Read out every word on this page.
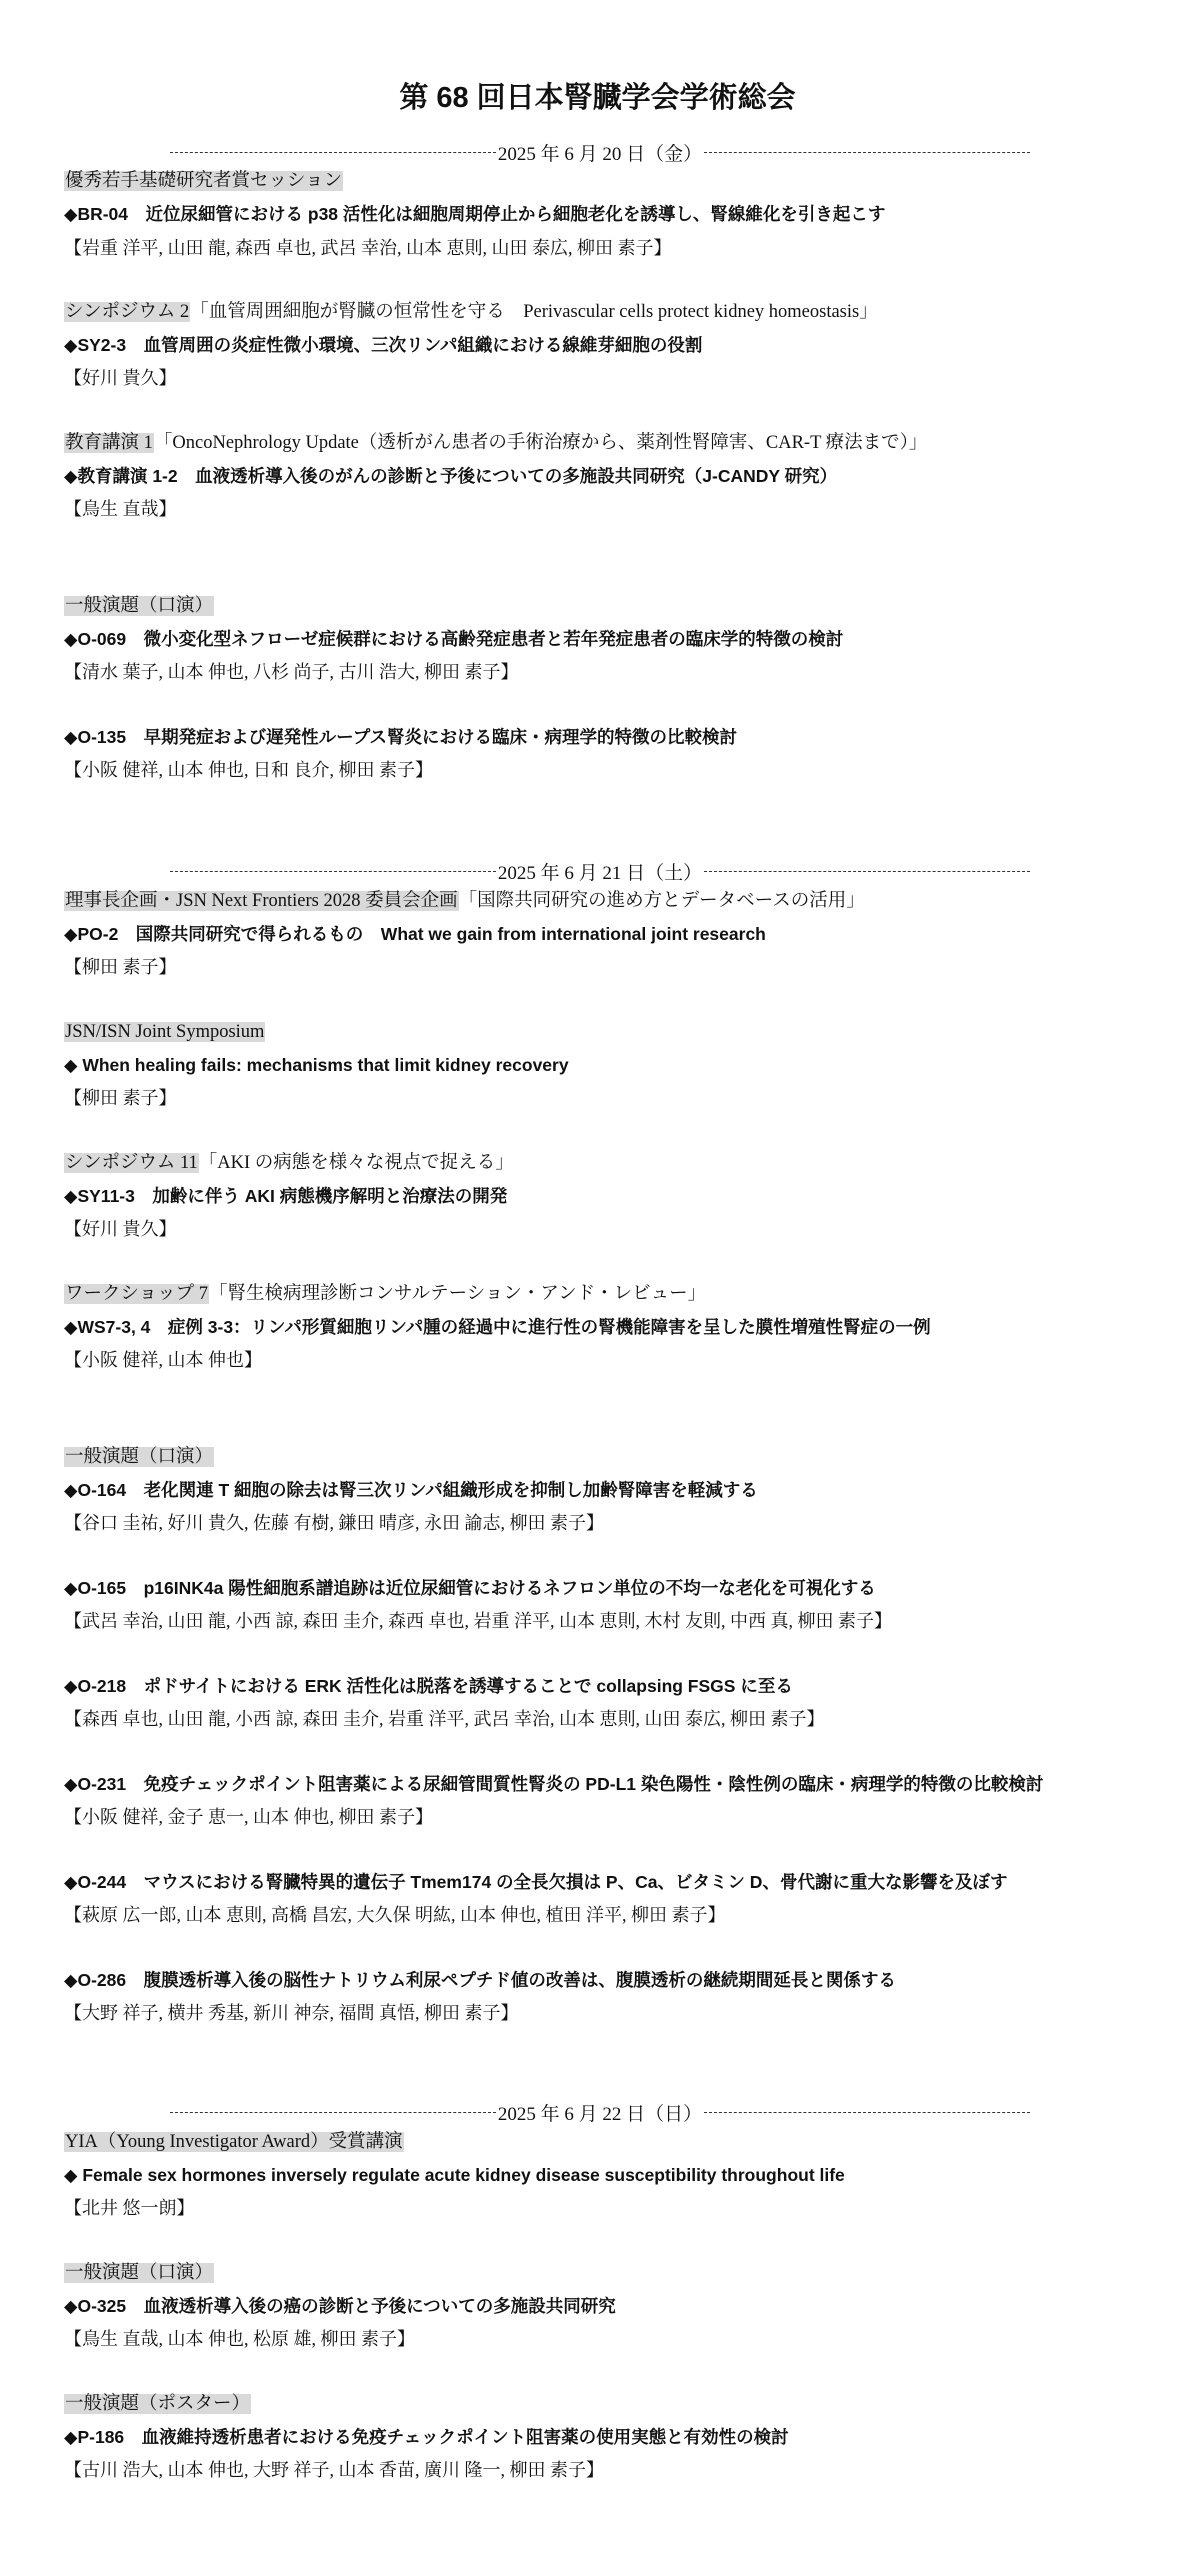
第 68 回日本腎臓学会学術総会
2025 年 6 月 20 日（金）
優秀若手基礎研究者賞セッション
◆BR-04　近位尿細管における p38 活性化は細胞周期停止から細胞老化を誘導し、腎線維化を引き起こす
【岩重 洋平, 山田 龍, 森西 卓也, 武呂 幸治, 山本 恵則, 山田 泰広, 柳田 素子】
シンポジウム 2「血管周囲細胞が腎臓の恒常性を守る　Perivascular cells protect kidney homeostasis」
◆SY2-3　血管周囲の炎症性微小環境、三次リンパ組織における線維芽細胞の役割
【好川 貴久】
教育講演 1「OncoNephrology Update（透析がん患者の手術治療から、薬剤性腎障害、CAR-T 療法まで）」
◆教育講演 1-2　血液透析導入後のがんの診断と予後についての多施設共同研究（J-CANDY 研究）
【鳥生 直哉】
一般演題（口演）
◆O-069　微小変化型ネフローゼ症候群における高齢発症患者と若年発症患者の臨床学的特徴の検討
【清水 葉子, 山本 伸也, 八杉 尚子, 古川 浩大, 柳田 素子】
◆O-135　早期発症および遅発性ループス腎炎における臨床・病理学的特徴の比較検討
【小阪 健祥, 山本 伸也, 日和 良介, 柳田 素子】
2025 年 6 月 21 日（土）
理事長企画・JSN Next Frontiers 2028 委員会企画「国際共同研究の進め方とデータベースの活用」
◆PO-2　国際共同研究で得られるもの　What we gain from international joint research
【柳田 素子】
JSN/ISN Joint Symposium
◆ When healing fails: mechanisms that limit kidney recovery
【柳田 素子】
シンポジウム 11「AKI の病態を様々な視点で捉える」
◆SY11-3　加齢に伴う AKI 病態機序解明と治療法の開発
【好川 貴久】
ワークショップ 7「腎生検病理診断コンサルテーション・アンド・レビュー」
◆WS7-3, 4　症例 3-3：リンパ形質細胞リンパ腫の経過中に進行性の腎機能障害を呈した膜性増殖性腎症の一例
【小阪 健祥, 山本 伸也】
一般演題（口演）
◆O-164　老化関連 T 細胞の除去は腎三次リンパ組織形成を抑制し加齢腎障害を軽減する
【谷口 圭祐, 好川 貴久, 佐藤 有樹, 鎌田 晴彦, 永田 諭志, 柳田 素子】
◆O-165　p16INK4a 陽性細胞系譜追跡は近位尿細管におけるネフロン単位の不均一な老化を可視化する
【武呂 幸治, 山田 龍, 小西 諒, 森田 圭介, 森西 卓也, 岩重 洋平, 山本 恵則, 木村 友則, 中西 真, 柳田 素子】
◆O-218　ポドサイトにおける ERK 活性化は脱落を誘導することで collapsing FSGS に至る
【森西 卓也, 山田 龍, 小西 諒, 森田 圭介, 岩重 洋平, 武呂 幸治, 山本 恵則, 山田 泰広, 柳田 素子】
◆O-231　免疫チェックポイント阻害薬による尿細管間質性腎炎の PD-L1 染色陽性・陰性例の臨床・病理学的特徴の比較検討
【小阪 健祥, 金子 恵一, 山本 伸也, 柳田 素子】
◆O-244　マウスにおける腎臓特異的遺伝子 Tmem174 の全長欠損は P、Ca、ビタミン D、骨代謝に重大な影響を及ぼす
【萩原 広一郎, 山本 恵則, 高橋 昌宏, 大久保 明紘, 山本 伸也, 植田 洋平, 柳田 素子】
◆O-286　腹膜透析導入後の脳性ナトリウム利尿ペプチド値の改善は、腹膜透析の継続期間延長と関係する
【大野 祥子, 横井 秀基, 新川 神奈, 福間 真悟, 柳田 素子】
2025 年 6 月 22 日（日）
YIA（Young Investigator Award）受賞講演
◆ Female sex hormones inversely regulate acute kidney disease susceptibility throughout life
【北井 悠一朗】
一般演題（口演）
◆O-325　血液透析導入後の癌の診断と予後についての多施設共同研究
【鳥生 直哉, 山本 伸也, 松原 雄, 柳田 素子】
一般演題（ポスター）
◆P-186　血液維持透析患者における免疫チェックポイント阻害薬の使用実態と有効性の検討
【古川 浩大, 山本 伸也, 大野 祥子, 山本 香苗, 廣川 隆一, 柳田 素子】
